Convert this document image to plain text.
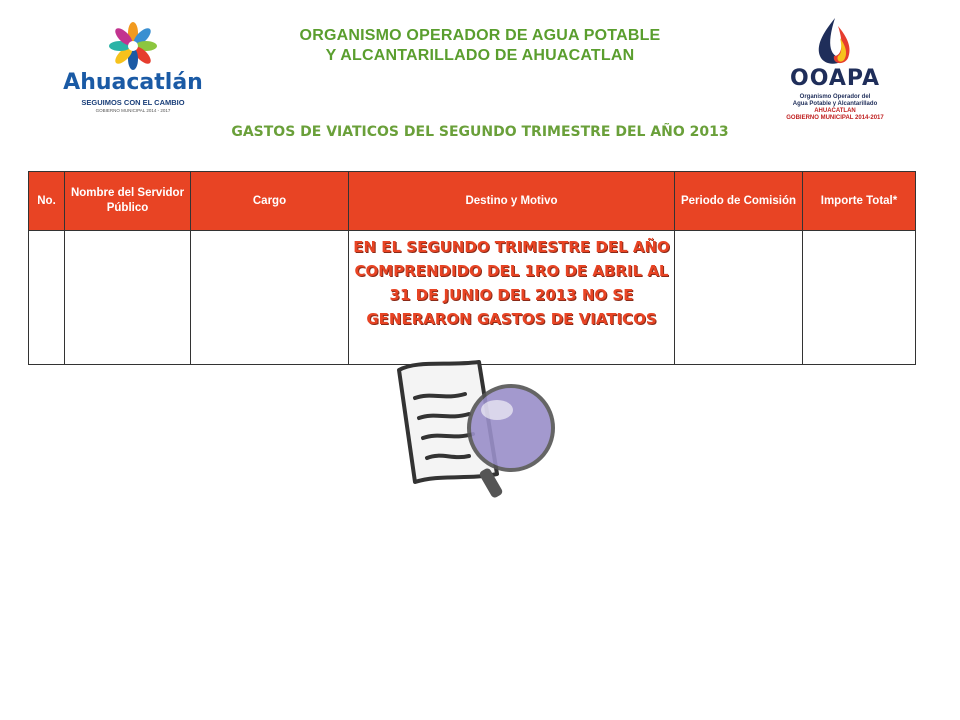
Ahuacatlán
SEGUIMOS CON EL CAMBIO
GOBIERNO MUNICIPAL 2014 - 2017
ORGANISMO OPERADOR DE AGUA POTABLE
Y ALCANTARILLADO DE AHUACATLAN
OOAPA
Organismo Operador del
Agua Potable y Alcantarillado
AHUACATLAN
GOBIERNO MUNICIPAL 2014-2017
GASTOS DE VIATICOS DEL SEGUNDO TRIMESTRE DEL AÑO 2013
No.	Nombre del Servidor Público	Cargo	Destino y Motivo	Periodo de Comisión	Importe Total*

			EN EL SEGUNDO TRIMESTRE DEL AÑO COMPRENDIDO DEL 1RO DE ABRIL AL 31 DE JUNIO DEL 2013 NO SE GENERARON GASTOS DE VIATICOS		
